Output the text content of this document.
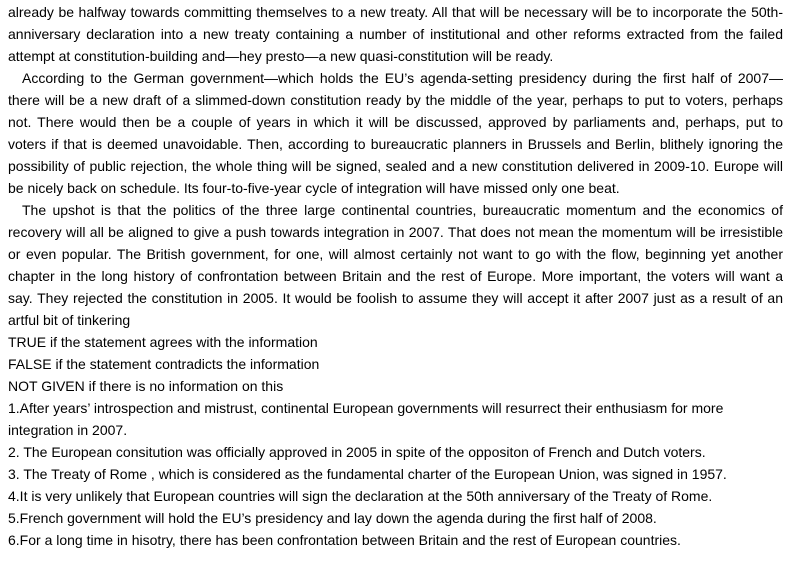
already be halfway towards committing themselves to a new treaty. All that will be necessary will be to incorporate the 50th-
anniversary declaration into a new treaty containing a number of institutional and other reforms extracted from the failed
attempt at constitution-building and—hey presto—a new quasi-constitution will be ready.
According to the German government—which holds the EU’s agenda-setting presidency during the first half of 2007—
there will be a new draft of a slimmed-down constitution ready by the middle of the year, perhaps to put to voters, perhaps
not. There would then be a couple of years in which it will be discussed, approved by parliaments and, perhaps, put to
voters if that is deemed unavoidable. Then, according to bureaucratic planners in Brussels and Berlin, blithely ignoring the
possibility of public rejection, the whole thing will be signed, sealed and a new constitution delivered in 2009-10. Europe will
be nicely back on schedule. Its four-to-five-year cycle of integration will have missed only one beat.
The upshot is that the politics of the three large continental countries, bureaucratic momentum and the economics of
recovery will all be aligned to give a push towards integration in 2007. That does not mean the momentum will be irresistible
or even popular. The British government, for one, will almost certainly not want to go with the flow, beginning yet another
chapter in the long history of confrontation between Britain and the rest of Europe. More important, the voters will want a
say. They rejected the constitution in 2005. It would be foolish to assume they will accept it after 2007 just as a result of an
artful bit of tinkering
TRUE if the statement agrees with the information
FALSE if the statement contradicts the information
NOT GIVEN if there is no information on this
1.After years’ introspection and mistrust, continental European governments will resurrect their enthusiasm for more
integration in 2007.
2. The European consitution was officially approved in 2005 in spite of the oppositon of French and Dutch voters.
3. The Treaty of Rome , which is considered as the fundamental charter of the European Union, was signed in 1957.
4.It is very unlikely that European countries will sign the declaration at the 50th anniversary of the Treaty of Rome.
5.French government will hold the EU’s presidency and lay down the agenda during the first half of 2008.
6.For a long time in hisotry, there has been confrontation between Britain and the rest of European countries.
